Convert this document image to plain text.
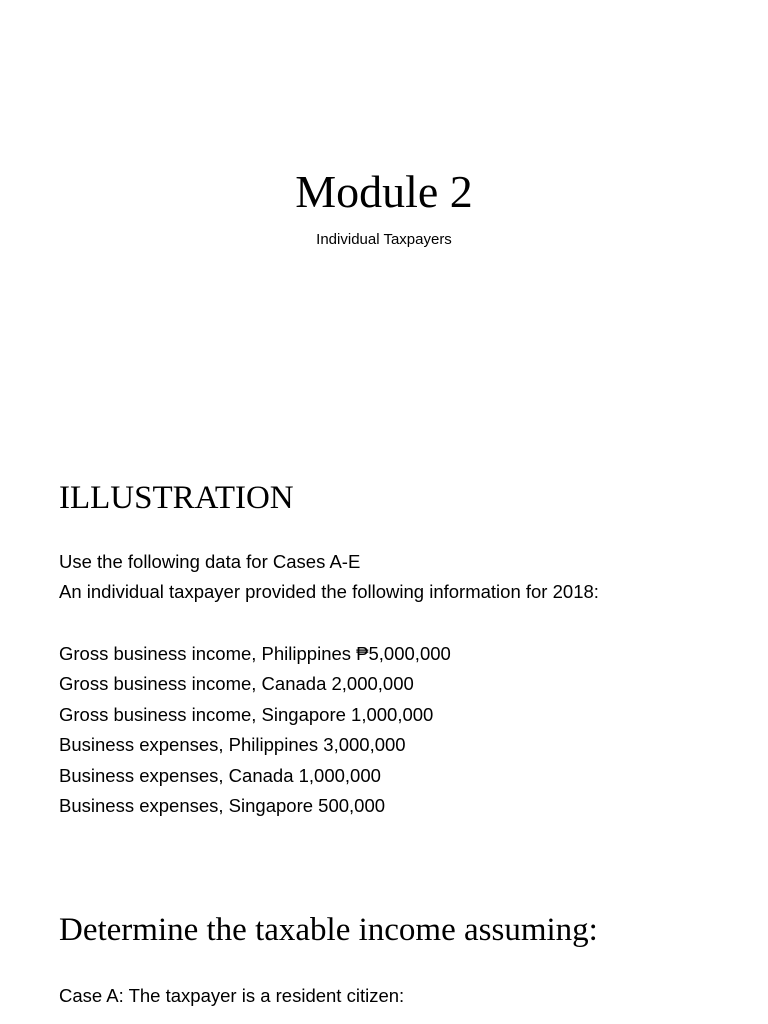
Module 2

Individual Taxpayers

ILLUSTRATION
Use the following data for Cases A-E
An individual taxpayer provided the following information for 2018:
Gross business income, Philippines ₱5,000,000
Gross business income, Canada 2,000,000
Gross business income, Singapore 1,000,000
Business expenses, Philippines 3,000,000
Business expenses, Canada 1,000,000
Business expenses, Singapore 500,000
Determine the taxable income assuming:
Case A: The taxpayer is a resident citizen:
